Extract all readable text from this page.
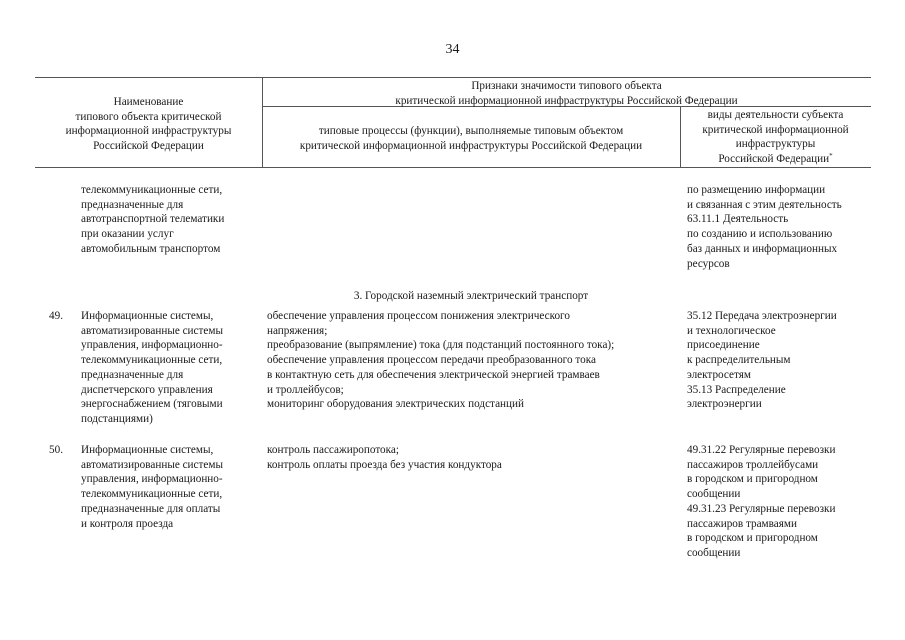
34
Наименование
типового объекта критической
информационной инфраструктуры
Российской Федерации
Признаки значимости типового объекта
критической информационной инфраструктуры Российской Федерации
типовые процессы (функции), выполняемые типовым объектом
критической информационной инфраструктуры Российской Федерации
виды деятельности субъекта
критической информационной
инфраструктуры
Российской Федерации*
телекоммуникационные сети,
предназначенные для
автотранспортной телематики
при оказании услуг
автомобильным транспортом
по размещению информации
и связанная с этим деятельность
63.11.1 Деятельность
по созданию и использованию
баз данных и информационных
ресурсов
3. Городской наземный электрический транспорт
49. Информационные системы,
автоматизированные системы
управления, информационно-
телекоммуникационные сети,
предназначенные для
диспетчерского управления
энергоснабжением (тяговыми
подстанциями)
обеспечение управления процессом понижения электрического
напряжения;
преобразование (выпрямление) тока (для подстанций постоянного тока);
обеспечение управления процессом передачи преобразованного тока
в контактную сеть для обеспечения электрической энергией трамваев
и троллейбусов;
мониторинг оборудования электрических подстанций
35.12 Передача электроэнергии
и технологическое
присоединение
к распределительным
электросетям
35.13 Распределение
электроэнергии
50. Информационные системы,
автоматизированные системы
управления, информационно-
телекоммуникационные сети,
предназначенные для оплаты
и контроля проезда
контроль пассажиропотока;
контроль оплаты проезда без участия кондуктора
49.31.22 Регулярные перевозки
пассажиров троллейбусами
в городском и пригородном
сообщении
49.31.23 Регулярные перевозки
пассажиров трамваями
в городском и пригородном
сообщении
